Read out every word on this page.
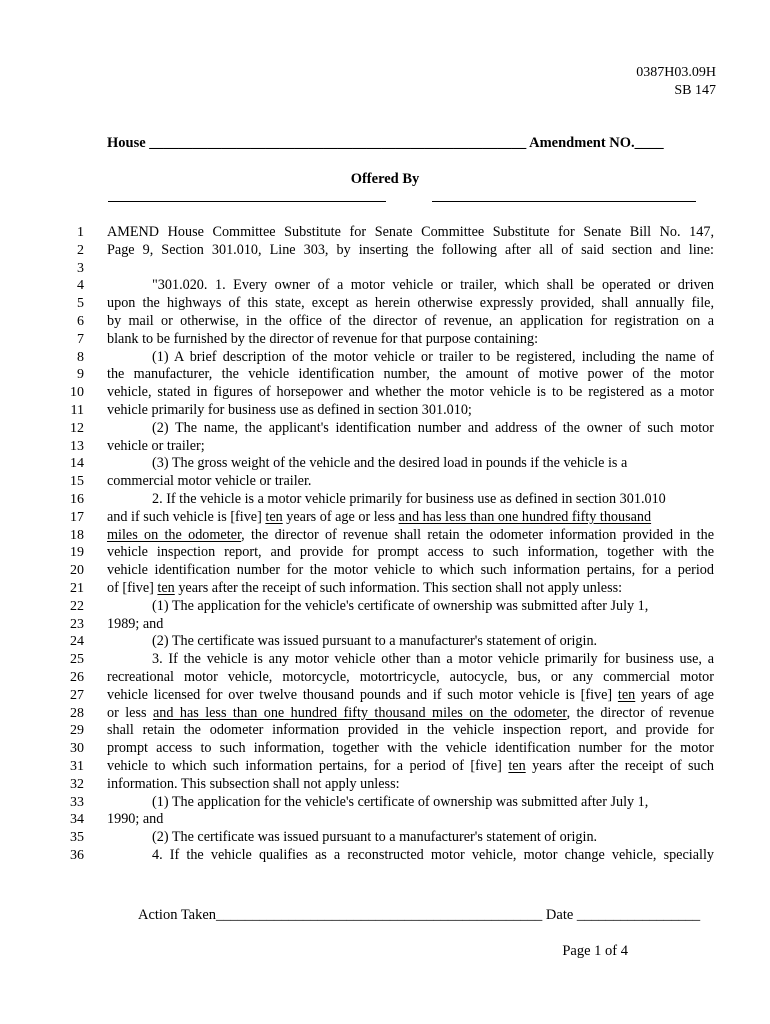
0387H03.09H
SB 147
House ____________________________________________________ Amendment NO.____
Offered By
1 AMEND House Committee Substitute for Senate Committee Substitute for Senate Bill No. 147,
2 Page 9, Section 301.010, Line 303, by inserting the following after all of said section and line:
3
4	"301.020. 1. Every owner of a motor vehicle or trailer, which shall be operated or driven
5 upon the highways of this state, except as herein otherwise expressly provided, shall annually file,
6 by mail or otherwise, in the office of the director of revenue, an application for registration on a
7 blank to be furnished by the director of revenue for that purpose containing:
8	(1) A brief description of the motor vehicle or trailer to be registered, including the name of
9 the manufacturer, the vehicle identification number, the amount of motive power of the motor
10 vehicle, stated in figures of horsepower and whether the motor vehicle is to be registered as a motor
11 vehicle primarily for business use as defined in section 301.010;
12	(2) The name, the applicant's identification number and address of the owner of such motor
13 vehicle or trailer;
14	(3) The gross weight of the vehicle and the desired load in pounds if the vehicle is a
15 commercial motor vehicle or trailer.
16	2. If the vehicle is a motor vehicle primarily for business use as defined in section 301.010
17 and if such vehicle is [five] ten years of age or less and has less than one hundred fifty thousand
18 miles on the odometer, the director of revenue shall retain the odometer information provided in the
19 vehicle inspection report, and provide for prompt access to such information, together with the
20 vehicle identification number for the motor vehicle to which such information pertains, for a period
21 of [five] ten years after the receipt of such information. This section shall not apply unless:
22	(1) The application for the vehicle's certificate of ownership was submitted after July 1,
23 1989; and
24	(2) The certificate was issued pursuant to a manufacturer's statement of origin.
25	3. If the vehicle is any motor vehicle other than a motor vehicle primarily for business use, a
26 recreational motor vehicle, motorcycle, motortricycle, autocycle, bus, or any commercial motor
27 vehicle licensed for over twelve thousand pounds and if such motor vehicle is [five] ten years of age
28 or less and has less than one hundred fifty thousand miles on the odometer, the director of revenue
29 shall retain the odometer information provided in the vehicle inspection report, and provide for
30 prompt access to such information, together with the vehicle identification number for the motor
31 vehicle to which such information pertains, for a period of [five] ten years after the receipt of such
32 information. This subsection shall not apply unless:
33	(1) The application for the vehicle's certificate of ownership was submitted after July 1,
34 1990; and
35	(2) The certificate was issued pursuant to a manufacturer's statement of origin.
36	4. If the vehicle qualifies as a reconstructed motor vehicle, motor change vehicle, specially
Action Taken_____________________________________________ Date _________________
Page 1 of 4
